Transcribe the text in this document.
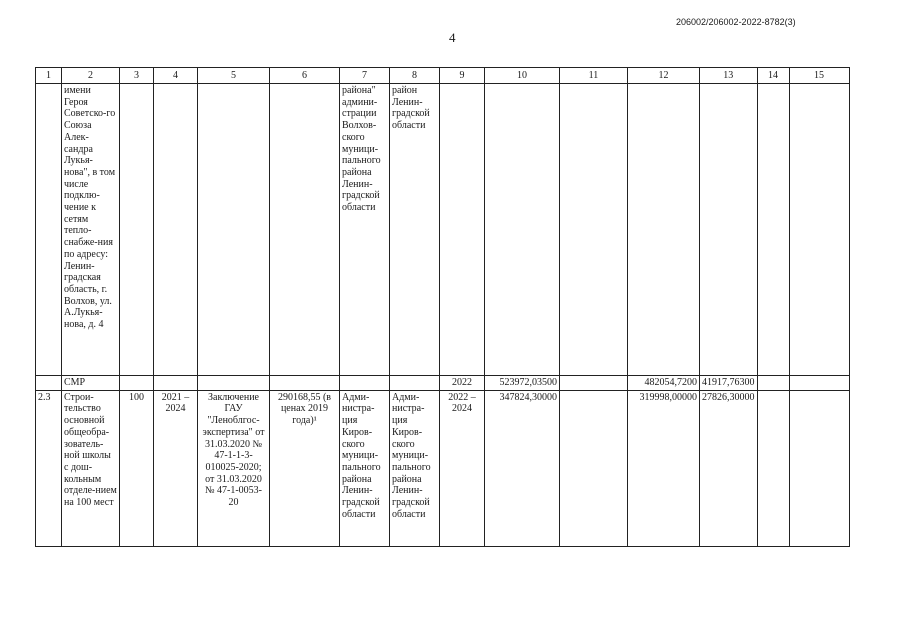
206002/206002-2022-8782(3)
4
1	2	3	4	5	6	7	8	9	10	11	12	13	14	15
	имени Героя Советско-го Союза Алек-сандра Лукья-нова", в том числе подклю-чение к сетям тепло-снабже-ния по адресу: Ленин-градская область, г. Волхов, ул. А.Лукья-нова, д. 4					района" админи-страции Волхов-ского муници-пального района Ленин-градской области	район Ленин-градской области							
	СМР							2022	523972,03500		482054,7200	41917,76300		
2.3	Строи-тельство основной общеобра-зователь-ной школы с дош-кольным отделе-нием на 100 мест	100	2021 – 2024	Заключение ГАУ "Леноблгос-экспертиза" от 31.03.2020 № 47-1-1-3-010025-2020; от 31.03.2020 № 47-1-0053-20	290168,55 (в ценах 2019 года)¹	Адми-нистра-ция Киров-ского муници-пального района Ленин-градской области	Адми-нистра-ция Киров-ского муници-пального района Ленин-градской области	2022 – 2024	347824,30000		319998,00000	27826,30000		
